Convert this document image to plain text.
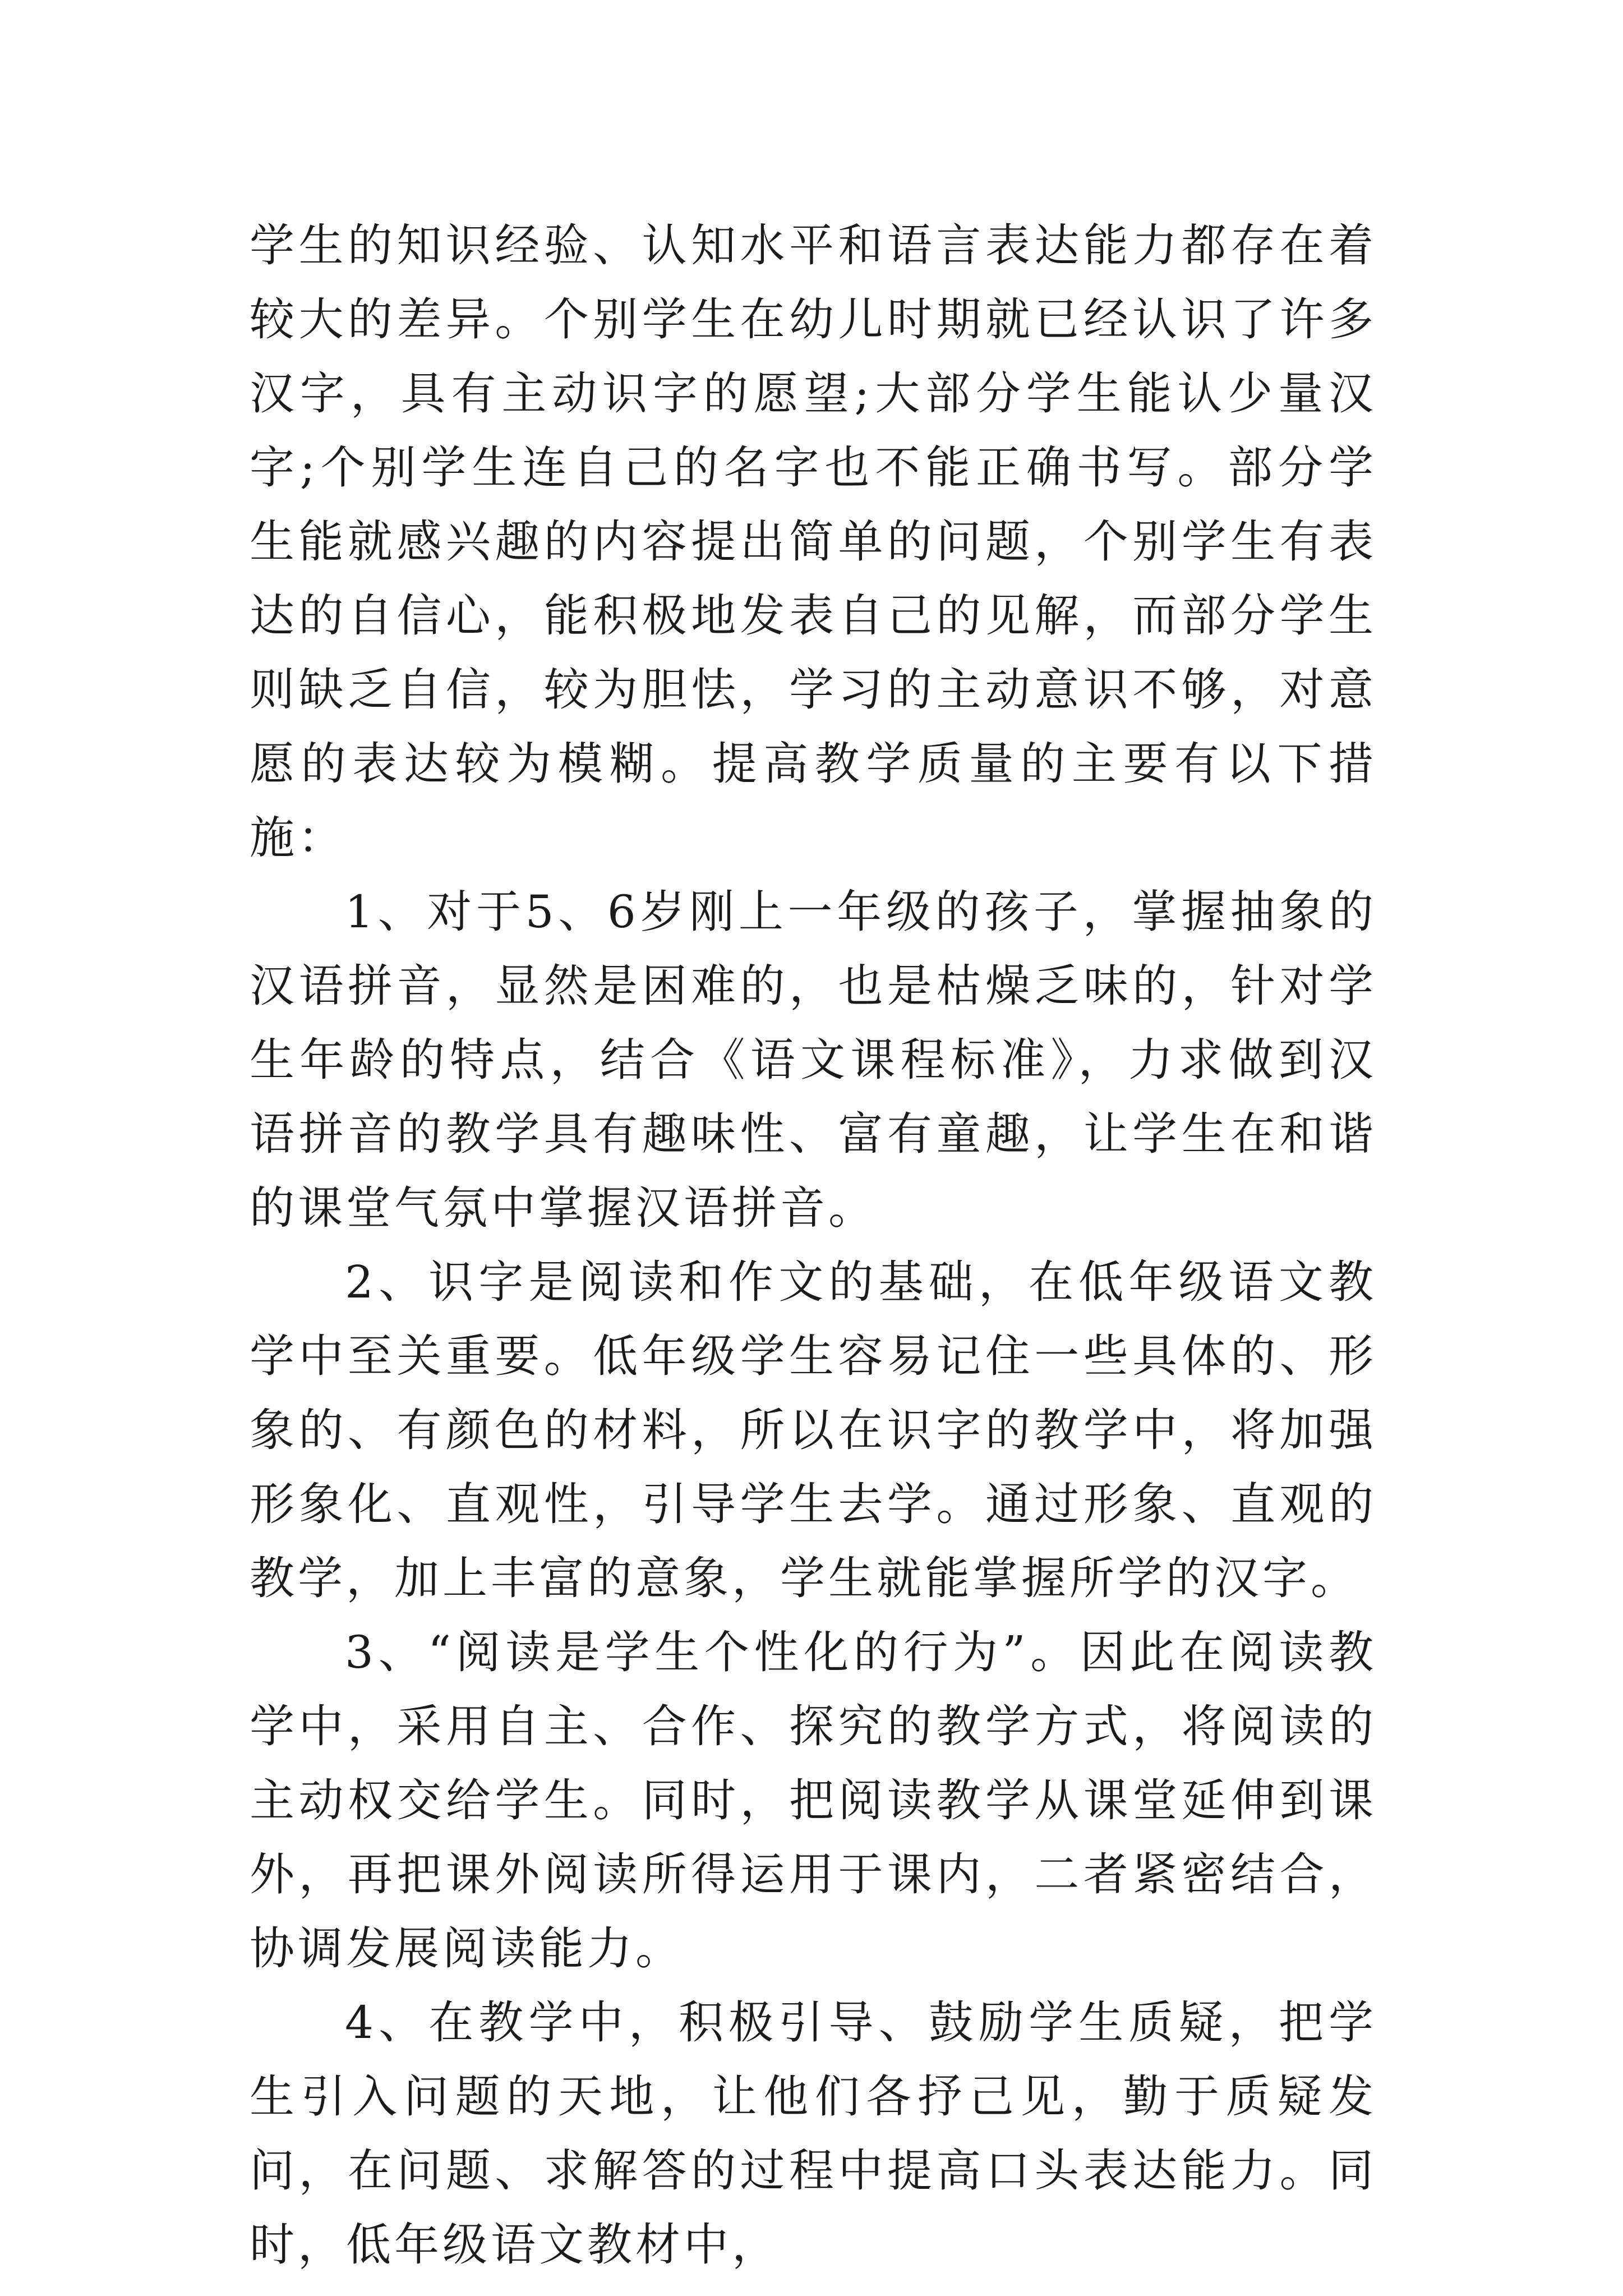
学生的知识经验、认知水平和语言表达能力都存在着较大的差异。个别学生在幼儿时期就已经认识了许多汉字，具有主动识字的愿望;大部分学生能认少量汉字;个别学生连自己的名字也不能正确书写。部分学生能就感兴趣的内容提出简单的问题，个别学生有表达的自信心，能积极地发表自己的见解，而部分学生则缺乏自信，较为胆怯，学习的主动意识不够，对意愿的表达较为模糊。提高教学质量的主要有以下措施：

1、对于5、6岁刚上一年级的孩子，掌握抽象的汉语拼音，显然是困难的，也是枯燥乏味的，针对学生年龄的特点，结合《语文课程标准》，力求做到汉语拼音的教学具有趣味性、富有童趣，让学生在和谐的课堂气氛中掌握汉语拼音。

2、识字是阅读和作文的基础，在低年级语文教学中至关重要。低年级学生容易记住一些具体的、形象的、有颜色的材料，所以在识字的教学中，将加强形象化、直观性，引导学生去学。通过形象、直观的教学，加上丰富的意象，学生就能掌握所学的汉字。

3、“阅读是学生个性化的行为”。因此在阅读教学中，采用自主、合作、探究的教学方式，将阅读的主动权交给学生。同时，把阅读教学从课堂延伸到课外，再把课外阅读所得运用于课内，二者紧密结合，协调发展阅读能力。

4、在教学中，积极引导、鼓励学生质疑，把学生引入问题的天地，让他们各抒己见，勤于质疑发问，在问题、求解答的过程中提高口头表达能力。同时，低年级语文教材中，
